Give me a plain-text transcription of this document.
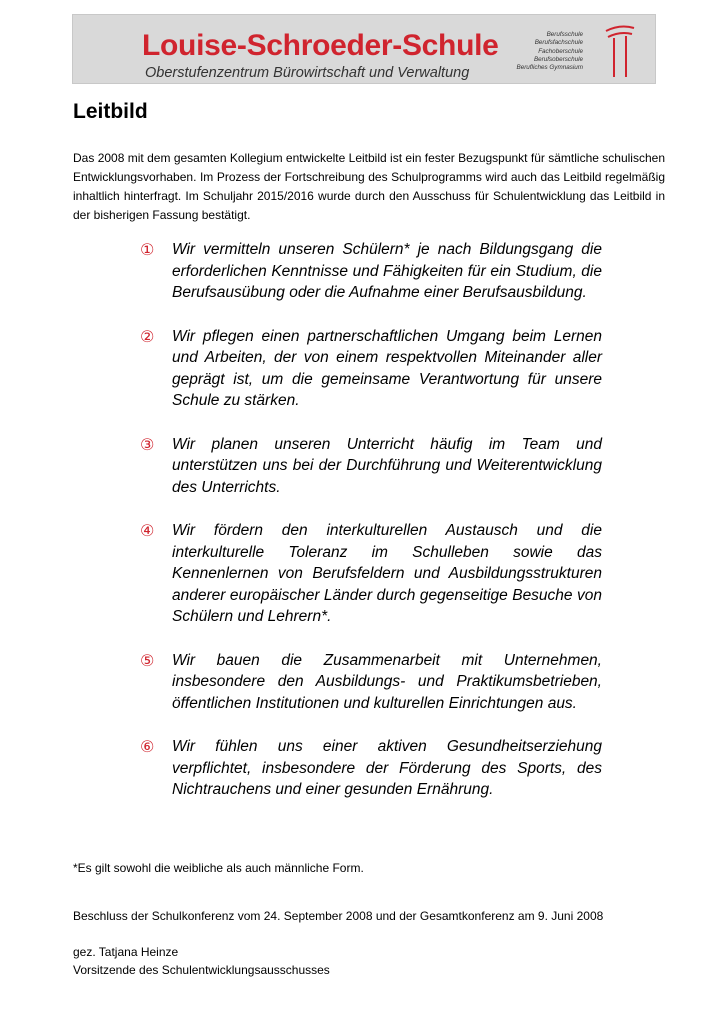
Louise-Schroeder-Schule
Oberstufenzentrum Bürowirtschaft und Verwaltung
Berufsschule
Berufsfachschule
Fachoberschule
Berufsoberschule
Berufliches Gymnasium
Leitbild

Das 2008 mit dem gesamten Kollegium entwickelte Leitbild ist ein fester Bezugspunkt für sämtliche schulischen Entwicklungsvorhaben. Im Prozess der Fortschreibung des Schulprogramms wird auch das Leitbild regelmäßig inhaltlich hinterfragt. Im Schuljahr 2015/2016 wurde durch den Ausschuss für Schulentwicklung das Leitbild in der bisherigen Fassung bestätigt.

① Wir vermitteln unseren Schülern* je nach Bildungsgang die erforderlichen Kenntnisse und Fähigkeiten für ein Studium, die Berufsausübung oder die Aufnahme einer Berufsausbildung.

② Wir pflegen einen partnerschaftlichen Umgang beim Lernen und Arbeiten, der von einem respektvollen Miteinander aller geprägt ist, um die gemeinsame Verantwortung für unsere Schule zu stärken.

③ Wir planen unseren Unterricht häufig im Team und unterstützen uns bei der Durchführung und Weiterentwicklung des Unterrichts.

④ Wir fördern den interkulturellen Austausch und die interkulturelle Toleranz im Schulleben sowie das Kennenlernen von Berufsfeldern und Ausbildungsstrukturen anderer europäischer Länder durch gegenseitige Besuche von Schülern und Lehrern*.

⑤ Wir bauen die Zusammenarbeit mit Unternehmen, insbesondere den Ausbildungs- und Praktikumsbetrieben, öffentlichen Institutionen und kulturellen Einrichtungen aus.

⑥ Wir fühlen uns einer aktiven Gesundheitserziehung verpflichtet, insbesondere der Förderung des Sports, des Nichtrauchens und einer gesunden Ernährung.

*Es gilt sowohl die weibliche als auch männliche Form.
Beschluss der Schulkonferenz vom 24. September 2008 und der Gesamtkonferenz am 9. Juni 2008
gez. Tatjana Heinze
Vorsitzende des Schulentwicklungsausschusses
